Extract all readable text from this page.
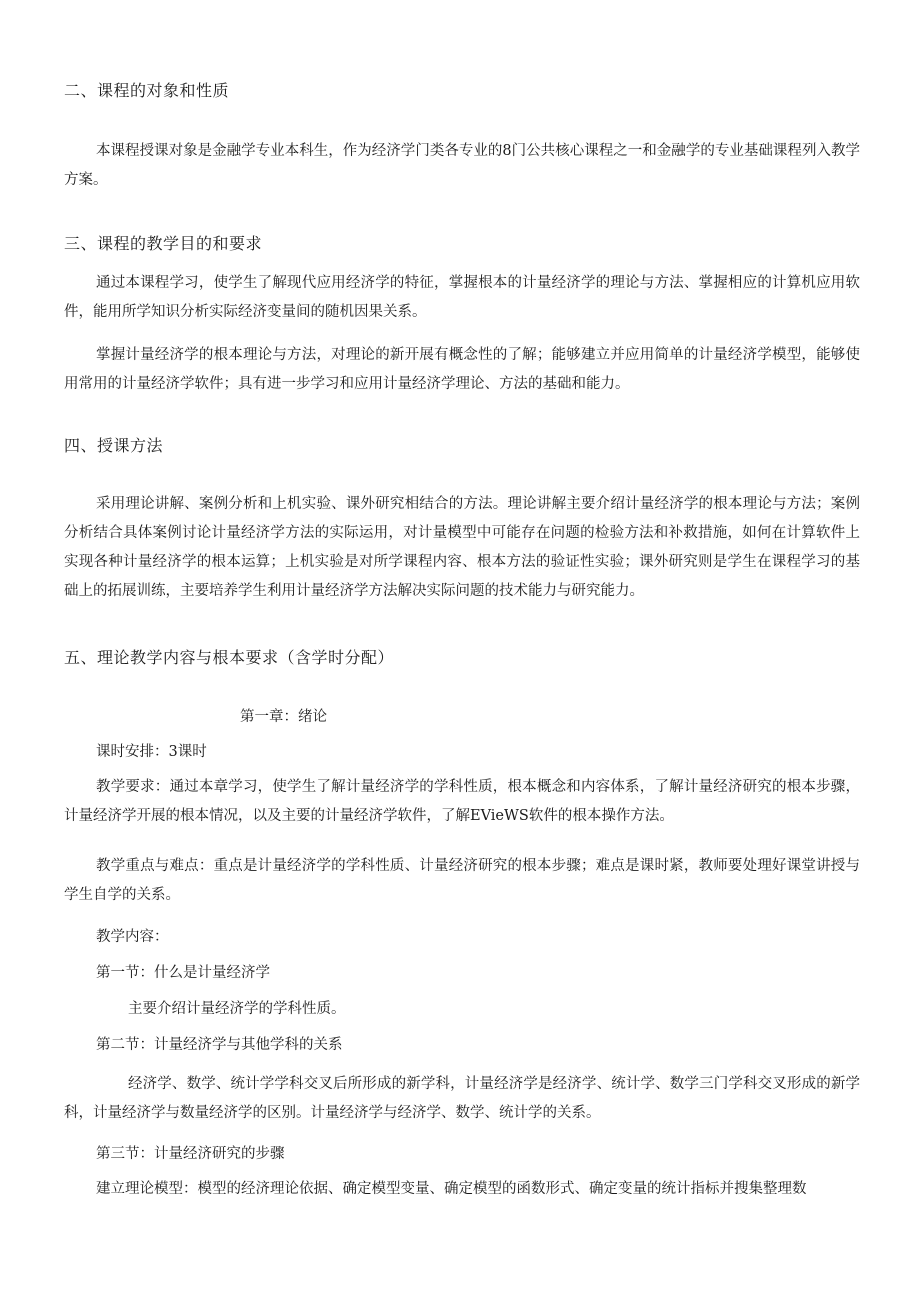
二、课程的对象和性质
本课程授课对象是金融学专业本科生，作为经济学门类各专业的8门公共核心课程之一和金融学的专业基础课程列入教学方案。
三、课程的教学目的和要求
通过本课程学习，使学生了解现代应用经济学的特征，掌握根本的计量经济学的理论与方法、掌握相应的计算机应用软件，能用所学知识分析实际经济变量间的随机因果关系。
掌握计量经济学的根本理论与方法，对理论的新开展有概念性的了解；能够建立并应用简单的计量经济学模型，能够使用常用的计量经济学软件；具有进一步学习和应用计量经济学理论、方法的基础和能力。
四、授课方法
采用理论讲解、案例分析和上机实验、课外研究相结合的方法。理论讲解主要介绍计量经济学的根本理论与方法；案例分析结合具体案例讨论计量经济学方法的实际运用，对计量模型中可能存在问题的检验方法和补救措施，如何在计算软件上实现各种计量经济学的根本运算；上机实验是对所学课程内容、根本方法的验证性实验；课外研究则是学生在课程学习的基础上的拓展训练，主要培养学生利用计量经济学方法解决实际问题的技术能力与研究能力。
五、理论教学内容与根本要求（含学时分配）
第一章：绪论
课时安排：3课时
教学要求：通过本章学习，使学生了解计量经济学的学科性质，根本概念和内容体系，了解计量经济研究的根本步骤，计量经济学开展的根本情况，以及主要的计量经济学软件，了解EVieWS软件的根本操作方法。
教学重点与难点：重点是计量经济学的学科性质、计量经济研究的根本步骤；难点是课时紧，教师要处理好课堂讲授与学生自学的关系。
教学内容：
第一节：什么是计量经济学
主要介绍计量经济学的学科性质。
第二节：计量经济学与其他学科的关系
经济学、数学、统计学学科交叉后所形成的新学科，计量经济学是经济学、统计学、数学三门学科交叉形成的新学科，计量经济学与数量经济学的区别。计量经济学与经济学、数学、统计学的关系。
第三节：计量经济研究的步骤
建立理论模型：模型的经济理论依据、确定模型变量、确定模型的函数形式、确定变量的统计指标并搜集整理数
